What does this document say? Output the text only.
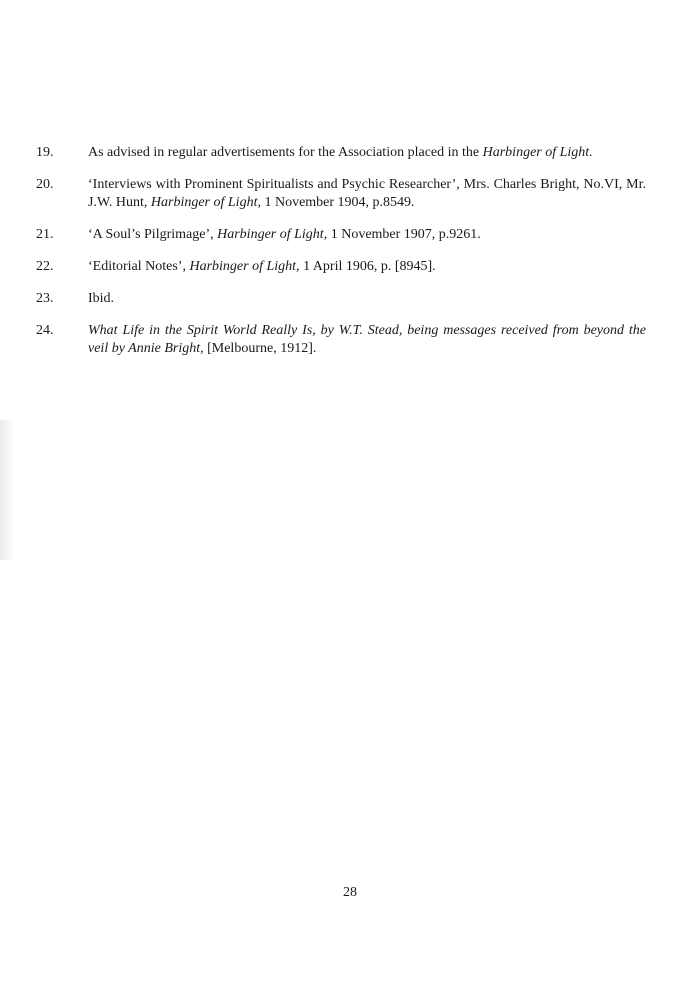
19.	As advised in regular advertisements for the Association placed in the Harbinger of Light.
20.	‘Interviews with Prominent Spiritualists and Psychic Researcher’, Mrs. Charles Bright, No.VI, Mr. J.W. Hunt, Harbinger of Light, 1 November 1904, p.8549.
21.	‘A Soul’s Pilgrimage’, Harbinger of Light, 1 November 1907, p.9261.
22.	‘Editorial Notes’, Harbinger of Light, 1 April 1906, p. [8945].
23.	Ibid.
24.	What Life in the Spirit World Really Is, by W.T. Stead, being messages received from beyond the veil by Annie Bright, [Melbourne, 1912].
28
